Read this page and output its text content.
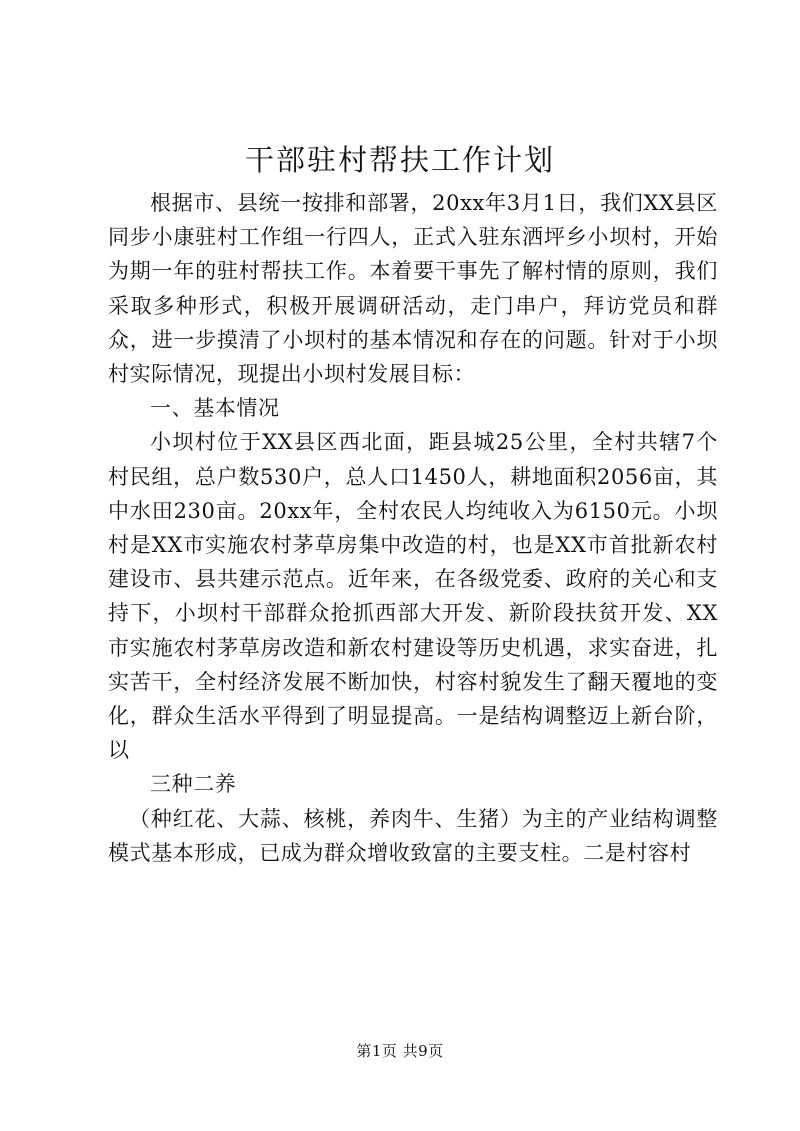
干部驻村帮扶工作计划

根据市、县统一按排和部署，20xx年3月1日，我们XX县区同步小康驻村工作组一行四人，正式入驻东洒坪乡小坝村，开始为期一年的驻村帮扶工作。本着要干事先了解村情的原则，我们采取多种形式，积极开展调研活动，走门串户，拜访党员和群众，进一步摸清了小坝村的基本情况和存在的问题。针对于小坝村实际情况，现提出小坝村发展目标：

一、基本情况

小坝村位于XX县区西北面，距县城25公里，全村共辖7个村民组，总户数530户，总人口1450人，耕地面积2056亩，其中水田230亩。20xx年，全村农民人均纯收入为6150元。小坝村是XX市实施农村茅草房集中改造的村，也是XX市首批新农村建设市、县共建示范点。近年来，在各级党委、政府的关心和支持下，小坝村干部群众抢抓西部大开发、新阶段扶贫开发、XX市实施农村茅草房改造和新农村建设等历史机遇，求实奋进，扎实苦干，全村经济发展不断加快，村容村貌发生了翻天覆地的变化，群众生活水平得到了明显提高。一是结构调整迈上新台阶，以

三种二养

（种红花、大蒜、核桃，养肉牛、生猪）为主的产业结构调整模式基本形成，已成为群众增收致富的主要支柱。二是村容村

第1页 共9页
